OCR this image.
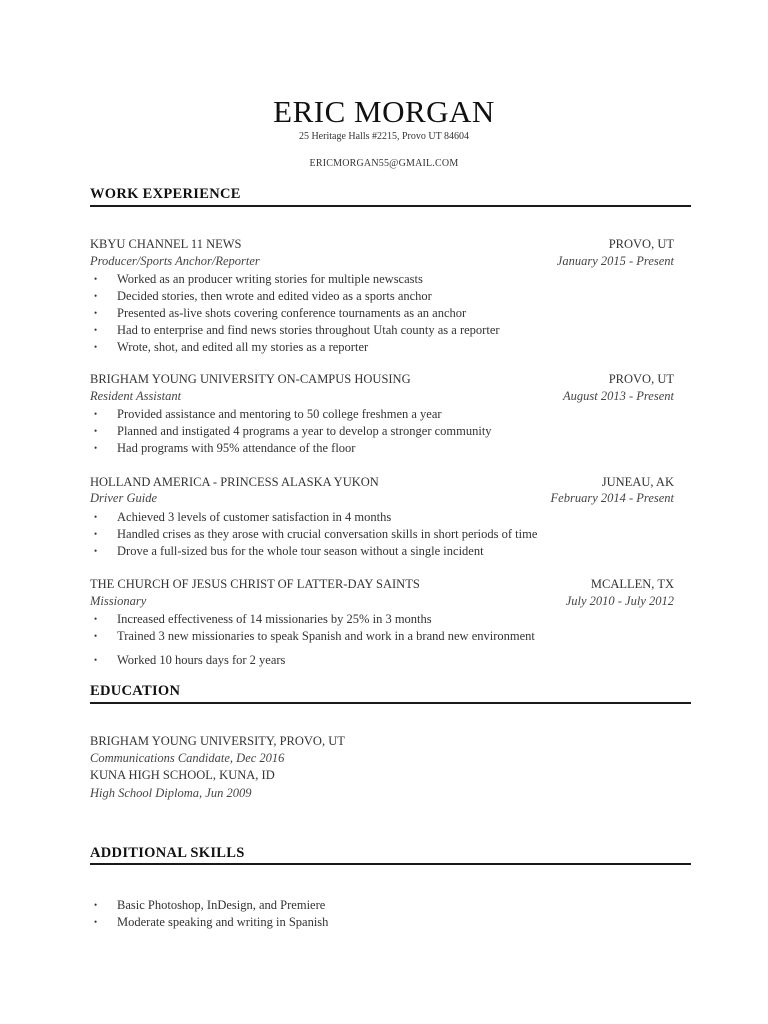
ERIC MORGAN
25 Heritage Halls #2215, Provo UT 84604
ERICMORGAN55@GMAIL.COM
WORK EXPERIENCE
KBYU CHANNEL 11 NEWS	PROVO, UT
Producer/Sports Anchor/Reporter	January 2015 - Present
• Worked as an producer writing stories for multiple newscasts
• Decided stories, then wrote and edited video as a sports anchor
• Presented as-live shots covering conference tournaments as an anchor
• Had to enterprise and find news stories throughout Utah county as a reporter
• Wrote, shot, and edited all my stories as a reporter
BRIGHAM YOUNG UNIVERSITY ON-CAMPUS HOUSING	PROVO, UT
Resident Assistant	August 2013 - Present
• Provided assistance and mentoring to 50 college freshmen a year
• Planned and instigated 4 programs a year to develop a stronger community
• Had programs with 95% attendance of the floor
HOLLAND AMERICA - PRINCESS ALASKA YUKON	JUNEAU, AK
Driver Guide	February 2014 - Present
• Achieved 3 levels of customer satisfaction in 4 months
• Handled crises as they arose with crucial conversation skills in short periods of time
• Drove a full-sized bus for the whole tour season without a single incident
THE CHURCH OF JESUS CHRIST OF LATTER-DAY SAINTS	MCALLEN, TX
Missionary	July 2010 - July 2012
• Increased effectiveness of 14 missionaries by 25% in 3 months
• Trained 3 new missionaries to speak Spanish and work in a brand new environment
• Worked 10 hours days for 2 years
EDUCATION
BRIGHAM YOUNG UNIVERSITY, PROVO, UT
Communications Candidate, Dec 2016
KUNA HIGH SCHOOL, KUNA, ID
High School Diploma, Jun 2009
ADDITIONAL SKILLS
• Basic Photoshop, InDesign, and Premiere
• Moderate speaking and writing in Spanish
